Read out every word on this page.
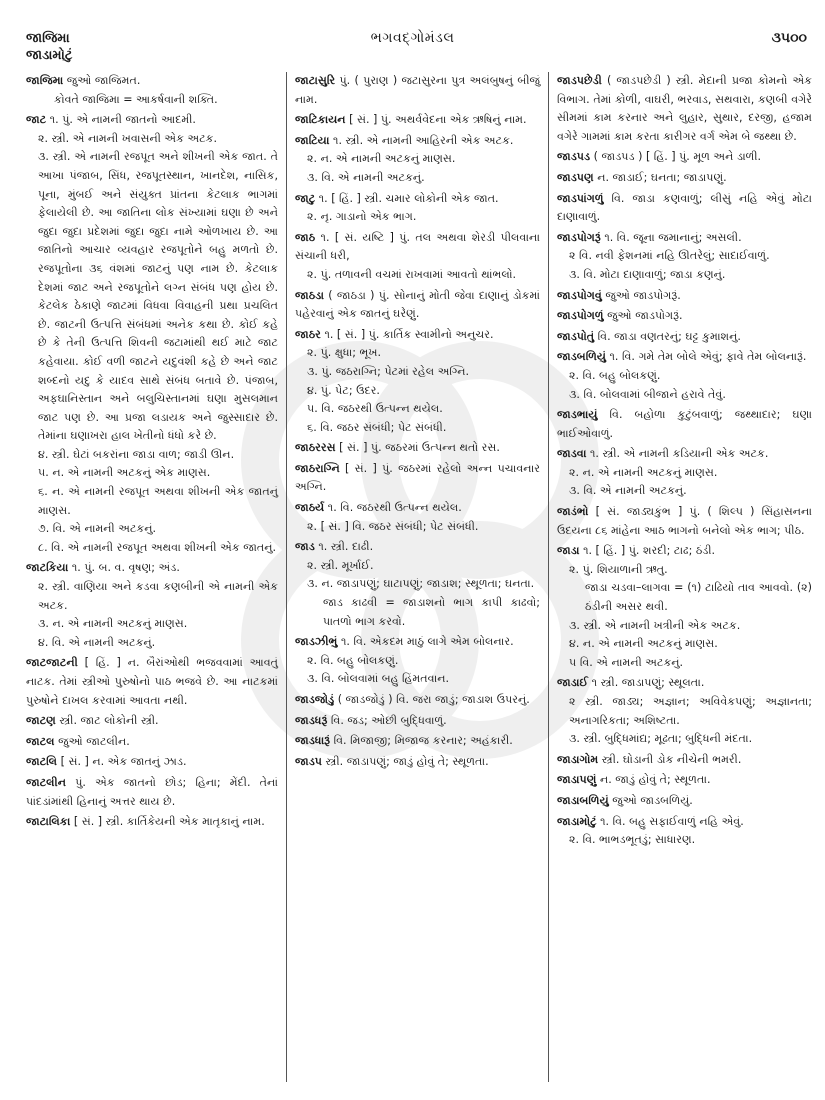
જાજિમા
જાડામોટું
ભગવદ્ગોમંડલ	૩૫૦૦
જાજિમા જુઓ જાજિમત.
કોવતે જાજિમા = આકર્ષવાની શક્તિ.
જાટ ૧. પું. એ નામની જાતનો આદમી.
૨. સ્ત્રી. એ નામની ખવાસની એક અટક.
૩. સ્ત્રી. એ નામની રજપૂત અને શીખની એક જાત. તે આખા પંજાબ, સિંધ, રજપૂતસ્થાન, ખાનદેશ, નાસિક, પૂના, મુંબઈ અને સંયુક્ત પ્રાંતના કેટલાક ભાગમાં ફેલાયેલી છે. આ જાતિના લોક સંખ્યામાં ઘણા છે અને જુદા જુદા પ્રદેશમાં જુદા જુદા નામે ઓળખાય છે. આ જાતિનો આચાર વ્યવહાર રજપૂતોને બહુ મળતો છે. રજપૂતોના ૩૬ વંશમાં જાટનું પણ નામ છે. કેટલાક દેશમાં જાટ અને રજપૂતોને લગ્ન સંબંધ પણ હોય છે. કેટલેક ઠેકાણે જાટમાં વિધવા વિવાહની પ્રથા પ્રચલિત છે. જાટની ઉત્પત્તિ સંબંધમાં અનેક કથા છે. કોઈ કહે છે કે તેની ઉત્પત્તિ શિવની જટામાંથી થઈ માટે જાટ કહેવાયા. કોઈ વળી જાટને યદુવંશી કહે છે અને જાટ શબ્દનો યદુ કે યાદવ સાથે સંબંધ બતાવે છે. પંજાબ, અફઘાનિસ્તાન અને બલુચિસ્તાનમાં ઘણા મુસલમાન જાટ પણ છે. આ પ્રજા લડાયક અને જુસ્સાદાર છે. તેમાંના ઘણાખરા હાલ ખેતીનો ધંધો કરે છે.
૪. સ્ત્રી. ઘેટાં બકરાંના જાડા વાળ; જાડી ઊન.
૫. ન. એ નામની અટકનું એક માણસ.
૬. ન. એ નામની રજપૂત અથવા શીખની એક જાતનું માણસ.
૭. વિ. એ નામની અટકનું.
૮. વિ. એ નામની રજપૂત અથવા શીખની એક જાતનું.
જાટકિયા ૧. પું. બ. વ. વૃષણ; અંડ.
૨. સ્ત્રી. વાણિયા અને કડવા કણબીની એ નામની એક અટક.
૩. ન. એ નામની અટકનું માણસ.
૪. વિ. એ નામની અટકનું.
જાટજાટની [ હિં. ] ન. બૈરાંઓથી ભજવવામાં આવતું નાટક. તેમાં સ્ત્રીઓ પુરુષોનો પાઠ ભજવે છે. આ નાટકમાં પુરુષોને દાખલ કરવામાં આવતા નથી.
જાટણ સ્ત્રી. જાટ લોકોની સ્ત્રી.
જાટલ જુઓ જાટલીન.
જાટલિ [ સં. ] ન. એક જાતનું ઝાડ.
જાટલીન પું. એક જાતનો છોડ; હિના; મેંદી. તેનાં પાંદડાંમાંથી હિનાનું અત્તર થાય છે.
જાટાલિકા [ સં. ] સ્ત્રી. કાર્તિકેયની એક માતૃકાનું નામ.
જાટાસુરિ પું. ( પુરાણ ) જટાસુરના પુત્ર અલંબુષનું બીજું નામ.
જાટિકાયન [ સં. ] પું. અથર્વવેદના એક ઋષિનું નામ.
જાટિયા ૧. સ્ત્રી. એ નામની આહિરની એક અટક.
૨. ન. એ નામની અટકનું માણસ.
૩. વિ. એ નામની અટકનું.
જાટુ ૧. [ હિં. ] સ્ત્રી. ચમાર લોકોની એક જાત.
૨. નૃ. ગાડાનો એક ભાગ.
જાઠ ૧. [ સં. યષ્ટિ ] પું. તલ અથવા શેરડી પીલવાના સંચાની ધરી,
૨. પું. તળાવની વચમાં રાખવામાં આવતો થાંભલો.
જાઠડા ( જાઠડા ) પું. સોનાનું મોતી જેવા દાણાનું ડોકમાં પહેરવાનું એક જાતનું ઘરેણું.
જાઠર ૧. [ સં. ] પું. કાર્તિક સ્વામીનો અનુચર.
૨. પું. ક્ષુધા; ભૂખ.
૩. પું. જઠરાગ્નિ; પેટમાં રહેલ અગ્નિ.
૪. પું. પેટ; ઉદર.
૫. વિ. જઠરથી ઉત્પન્ન થયેલ.
૬. વિ. જઠર સંબંધી; પેટ સંબંધી.
જાઠરરસ [ સં. ] પું. જઠરમાં ઉત્પન્ન થતો રસ.
જાઠરાગ્નિ [ સં. ] પું. જઠરમાં રહેલો અન્ન પચાવનાર અગ્નિ.
જાઠર્ય ૧. વિ. જઠરથી ઉત્પન્ન થયેલ.
૨. [ સં. ] વિ. જઠર સંબંધી; પેટ સંબંધી.
જાડ ૧. સ્ત્રી. દાઢી.
૨. સ્ત્રી. મૂર્ખાઈ.
૩. ન. જાડાપણું; ઘાટાપણું; જાડાશ; સ્થૂળતા; ઘનતા.
જાડ કાઢવી = જાડાશનો ભાગ કાપી કાઢવો; પાતળો ભાગ કરવો.
જાડઝીભું ૧. વિ. એકદમ માઠું લાગે એમ બોલનાર.
૨. વિ. બહુ બોલકણું.
૩. વિ. બોલવામાં બહુ હિંમતવાન.
જાડજોડું ( જાડજોડું ) વિ. જરા જાડું; જાડાશ ઉપરનું.
જાડધરૂં વિ. જડ; ઓછી બુદ્ધિવાળું.
જાડધારૂં વિ. મિજાજી; મિજાજ કરનાર; અહંકારી.
જાડપ સ્ત્રી. જાડાપણું; જાડું હોવું તે; સ્થૂળતા.
જાડપછેડી ( જાડપછેડી ) સ્ત્રી. મેદાની પ્રજા કોમનો એક વિભાગ. તેમાં કોળી, વાઘરી, ભરવાડ, સથવારા, કણબી વગેરે સીમમાં કામ કરનાર અને લુહાર, સુથાર, દરજી, હજામ વગેરે ગામમાં કામ કરતા કારીગર વર્ગ એમ બે જથ્થા છે.
જાડપડ ( જાડપડ ) [ હિં. ] પું. મૂળ અને ડાળી.
જાડપણ ન. જાડાઈ; ઘનતા; જાડાપણું.
જાડપાંગળું વિ. જાડા કણવાળું; લીસું નહિ એવું મોટા દાણાવાળું.
જાડપોગરૂં ૧. વિ. જૂના જમાનાનું; અસલી.
૨ વિ. નવી ફેશનમાં નહિ ઊતરેલું; સાદાઈવાળું.
૩. વિ. મોટા દાણાવાળું; જાડા કણનું.
જાડપોગવું જુઓ જાડપોગરૂં.
જાડપોગળું જુઓ જાડપોગરૂં.
જાડપોતું વિ. જાડા વણતરનું; ઘટ્ટ કુમાશનું.
જાડબળિયું ૧. વિ. ગમે તેમ બોલે એવું; ફાવે તેમ બોલનારૂં.
૨. વિ. બહુ બોલકણું.
૩. વિ. બોલવામાં બીજાને હરાવે તેવું.
જાડભાયું વિ. બહોળા કુટુંબવાળું; જથ્થાદાર; ઘણા ભાઈઓવાળું.
જાડવા ૧. સ્ત્રી. એ નામની કડિયાની એક અટક.
૨. ન. એ નામની અટકનું માણસ.
૩. વિ. એ નામની અટકનું.
જાડંભો [ સં. જાડ્યકુંભ ] પું. ( શિલ્પ ) સિંહાસનના ઉદયના ૮૬ માંહેના આઠ ભાગનો બનેલો એક ભાગ; પીઠ.
જાડા ૧. [ હિં. ] પું. શરદી; ટાઢ; ઠંડી.
૨. પું. શિયાળાની ઋતુ.
જાડા ચડવા–લાગવા = (૧) ટાઢિયો તાવ આવવો. (૨) ઠંડીની અસર થવી.
૩. સ્ત્રી. એ નામની ખત્રીની એક અટક.
૪. ન. એ નામની અટકનું માણસ.
૫ વિ. એ નામની અટકનું.
જાડાઈ ૧ સ્ત્રી. જાડાપણું; સ્થૂલતા.
૨ સ્ત્રી. જાડ્ય; અજ્ઞાન; અવિવેકપણું; અજ્ઞાનતા; અનાગરિકતા; અશિષ્ટતા.
૩. સ્ત્રી. બુદ્ધિમાંદ્ય; મૂઢતા; બુદ્ધિની મંદતા.
જાડાગોમ સ્ત્રી. ઘોડાની ડોક નીચેની ભમરી.
જાડાપણું ન. જાડું હોવું તે; સ્થૂળતા.
જાડાબળિયું જુઓ જાડબળિયું.
જાડામોટું ૧. વિ. બહુ સફાઈવાળું નહિ એવું.
૨. વિ. ભાભડભૂતડું; સાધારણ.
